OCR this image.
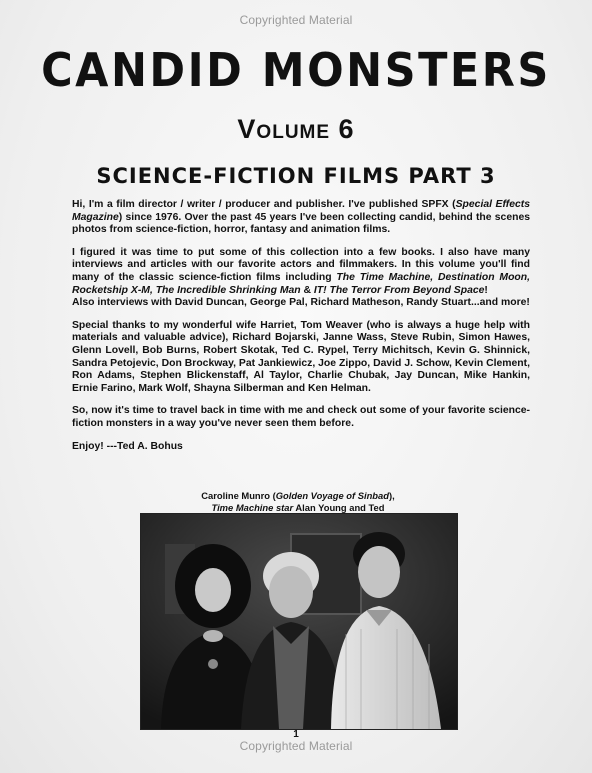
Copyrighted Material
CANDID MONSTERS
Volume 6
SCIENCE-FICTION FILMS PART 3

Hi, I'm a film director / writer / producer and publisher. I've published SPFX (Special Effects Magazine) since 1976. Over the past 45 years I've been collecting candid, behind the scenes photos from science-fiction, horror, fantasy and animation films.

I figured it was time to put some of this collection into a few books. I also have many interviews and articles with our favorite actors and filmmakers. In this volume you'll find many of the classic science-fiction films including The Time Machine, Destination Moon, Rocketship X-M, The Incredible Shrinking Man & IT! The Terror From Beyond Space!
Also interviews with David Duncan, George Pal, Richard Matheson, Randy Stuart...and more!

Special thanks to my wonderful wife Harriet, Tom Weaver (who is always a huge help with materials and valuable advice), Richard Bojarski, Janne Wass, Steve Rubin, Simon Hawes, Glenn Lovell, Bob Burns, Robert Skotak, Ted C. Rypel, Terry Michitsch, Kevin G. Shinnick, Sandra Petojevic, Don Brockway, Pat Jankiewicz, Joe Zippo, David J. Schow, Kevin Clement, Ron Adams, Stephen Blickenstaff, Al Taylor, Charlie Chubak, Jay Duncan, Mike Hankin, Ernie Farino, Mark Wolf, Shayna Silberman and Ken Helman.

So, now it's time to travel back in time with me and check out some of your favorite science-fiction monsters in a way you've never seen them before.

Enjoy! ---Ted A. Bohus

Caroline Munro (Golden Voyage of Sinbad),
Time Machine star Alan Young and Ted
1
Copyrighted Material
